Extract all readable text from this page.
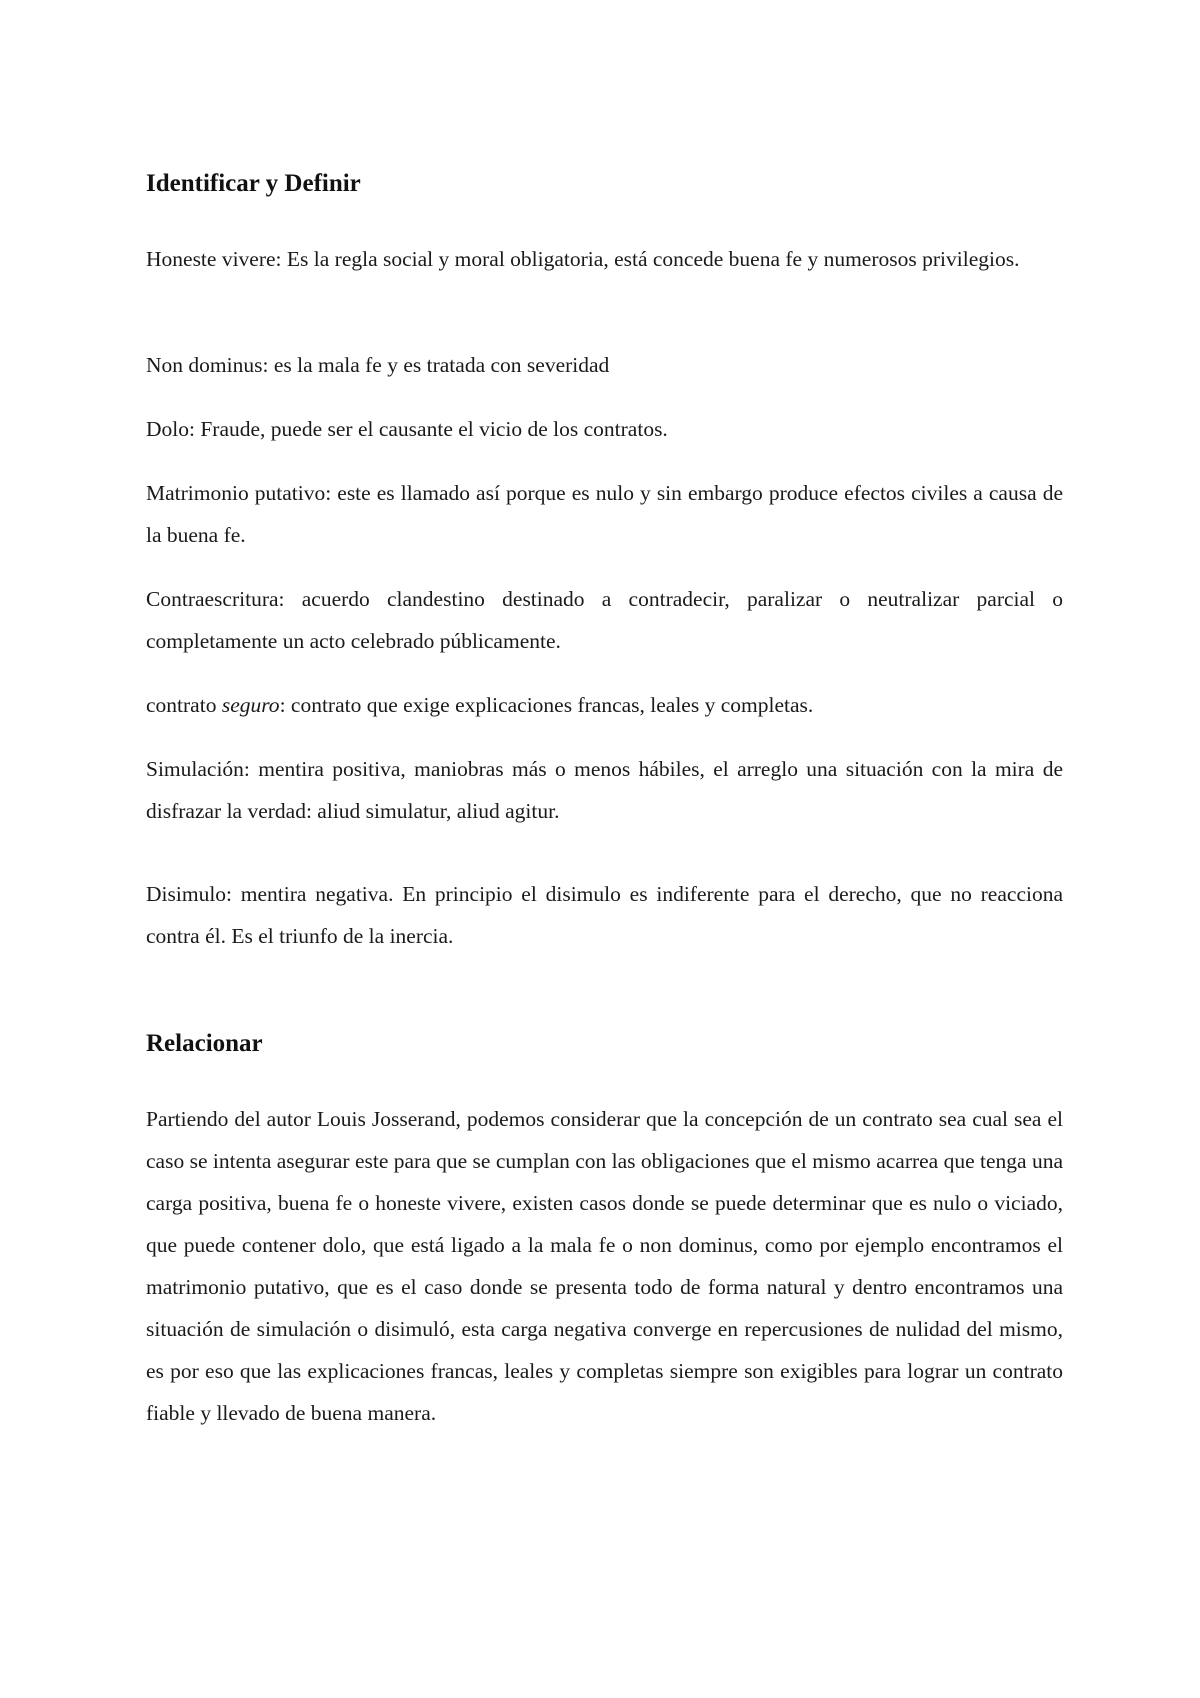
Identificar y Definir

Honeste vivere: Es la regla social y moral obligatoria, está concede buena fe y numerosos privilegios.

Non dominus: es la mala fe y es tratada con severidad

Dolo: Fraude, puede ser el causante el vicio de los contratos.

Matrimonio putativo: este es llamado así porque es nulo y sin embargo produce efectos civiles a causa de la buena fe.

Contraescritura: acuerdo clandestino destinado a contradecir, paralizar o neutralizar parcial o completamente un acto celebrado públicamente.

contrato seguro: contrato que exige explicaciones francas, leales y completas.

Simulación: mentira positiva, maniobras más o menos hábiles, el arreglo una situación con la mira de disfrazar la verdad: aliud simulatur, aliud agitur.

Disimulo: mentira negativa. En principio el disimulo es indiferente para el derecho, que no reacciona contra él. Es el triunfo de la inercia.

Relacionar

Partiendo del autor Louis Josserand, podemos considerar que la concepción de un contrato sea cual sea el caso se intenta asegurar este para que se cumplan con las obligaciones que el mismo acarrea que tenga una carga positiva, buena fe o honeste vivere, existen casos donde se puede determinar que es nulo o viciado, que puede contener dolo, que está ligado a la mala fe o non dominus, como por ejemplo encontramos el matrimonio putativo, que es el caso donde se presenta todo de forma natural y dentro encontramos una situación de simulación o disimuló, esta carga negativa converge en repercusiones de nulidad del mismo, es por eso que las explicaciones francas, leales y completas siempre son exigibles para lograr un contrato fiable y llevado de buena manera.
